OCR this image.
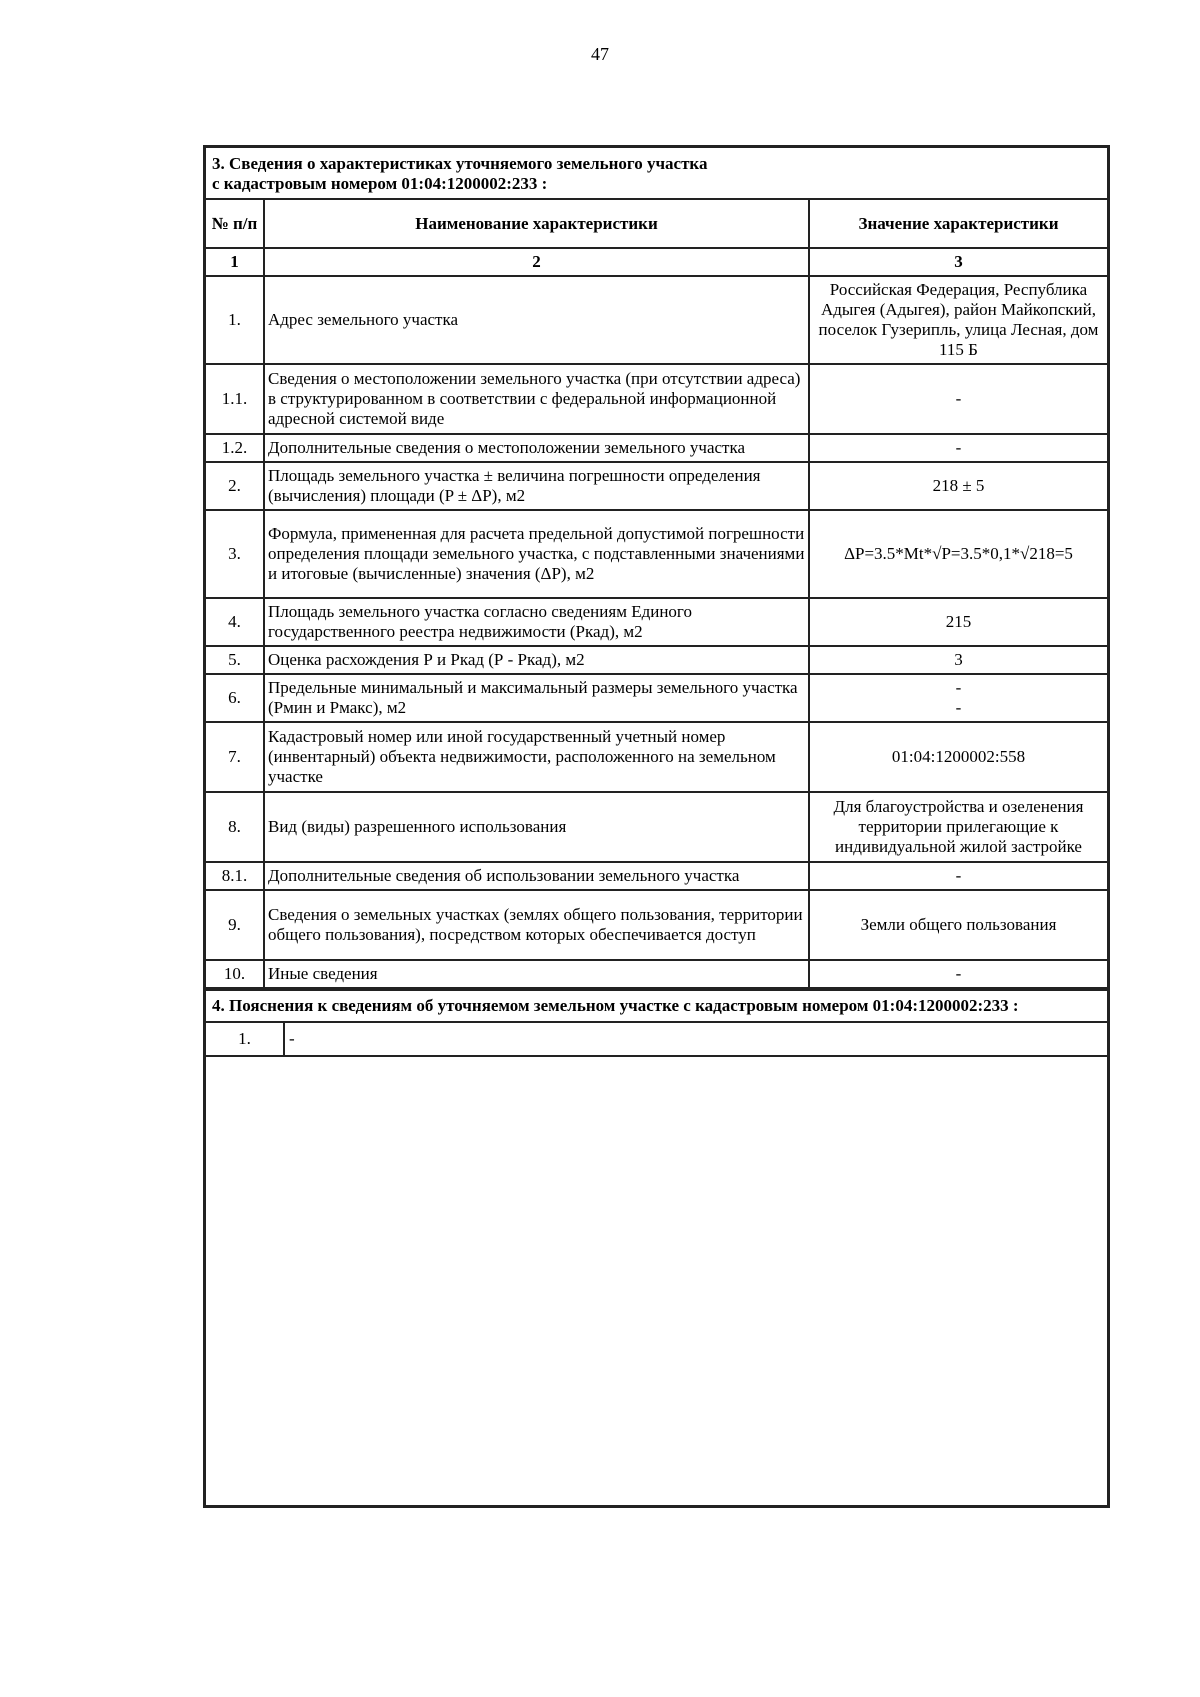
47
3. Сведения о характеристиках уточняемого земельного участка
с кадастровым номером 01:04:1200002:233 :
№ п/п	Наименование характеристики	Значение характеристики
1	2	3
1.	Адрес земельного участка	Российская Федерация, Республика Адыгея (Адыгея), район Майкопский, поселок Гузерипль, улица Лесная, дом 115 Б
1.1.	Сведения о местоположении земельного участка (при отсутствии адреса) в структурированном в соответствии с федеральной информационной адресной системой виде	-
1.2.	Дополнительные сведения о местоположении земельного участка	-
2.	Площадь земельного участка ± величина погрешности определения (вычисления) площади (P ± ΔP), м2	218 ± 5
3.	Формула, примененная для расчета предельной допустимой погрешности определения площади земельного участка, с подставленными значениями и итоговые (вычисленные) значения (ΔP), м2	ΔP=3.5*Mt*√P=3.5*0,1*√218=5
4.	Площадь земельного участка согласно сведениям Единого государственного реестра недвижимости (Ркад), м2	215
5.	Оценка расхождения Р и Ркад (Р - Ркад), м2	3
6.	Предельные минимальный и максимальный размеры земельного участка (Рмин и Рмакс), м2	-
-
7.	Кадастровый номер или иной государственный учетный номер (инвентарный) объекта недвижимости, расположенного на земельном участке	01:04:1200002:558
8.	Вид (виды) разрешенного использования	Для благоустройства и озеленения территории прилегающие к индивидуальной жилой застройке
8.1.	Дополнительные сведения об использовании земельного участка	-
9.	Сведения о земельных участках (землях общего пользования, территории общего пользования), посредством которых обеспечивается доступ	Земли общего пользования
10.	Иные сведения	-
4. Пояснения к сведениям об уточняемом земельном участке с кадастровым номером 01:04:1200002:233 :
1.	-
